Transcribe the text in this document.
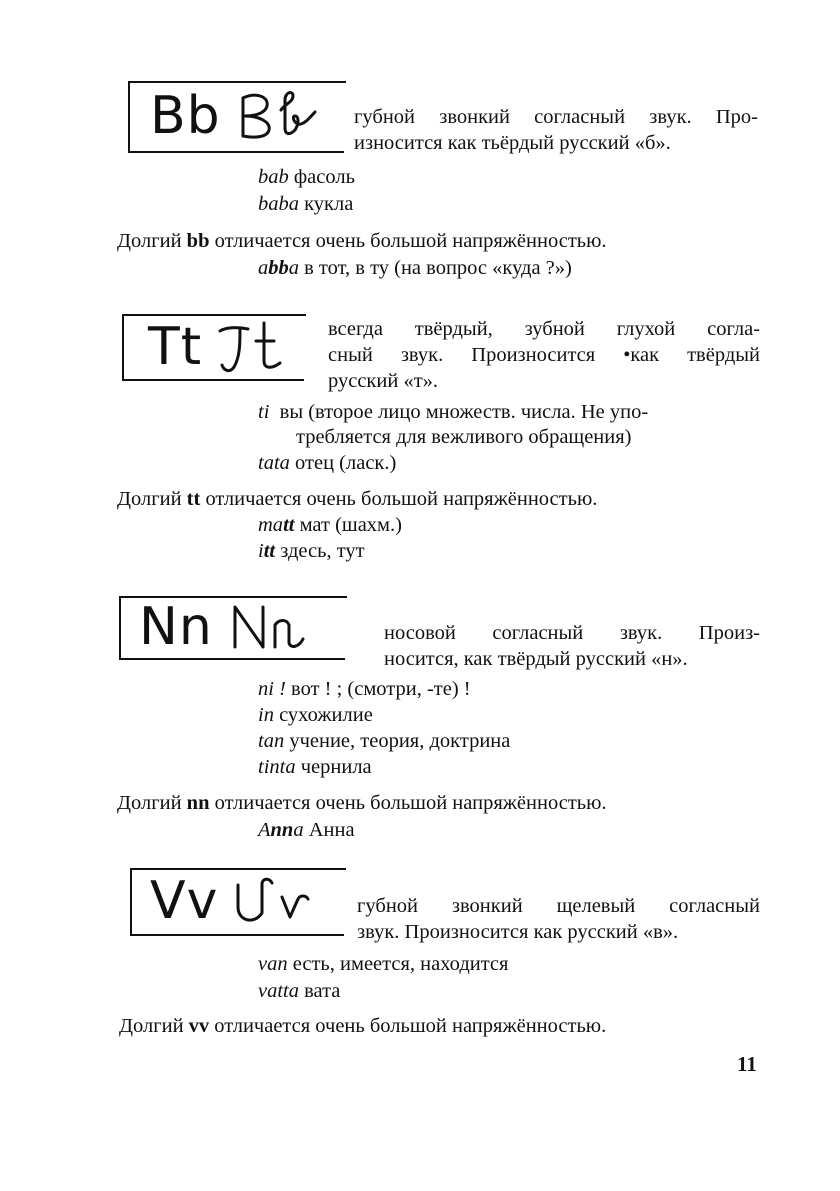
Bb	губной звонкий согласный звук. Про-
износится как тьёрдый русский «б».
bab фасоль
baba кукла
Долгий bb отличается очень большой напряжённостью.
abba в тот, в ту (на вопрос «куда ?»)
Tt	всегда твёрдый, зубной глухой согла-
сный звук. Произносится •как твёрдый
русский «т».
ti вы (второе лицо множеств. числа. Не упо-
требляется для вежливого обращения)
tata отец (ласк.)
Долгий tt отличается очень большой напряжённостью.
matt мат (шахм.)
itt здесь, тут
Nn	носовой согласный звук. Произ-
носится, как твёрдый русский «н».
ni ! вот ! ; (смотри, -те) !
in сухожилие
tan учение, теория, доктрина
tinta чернила
Долгий nn отличается очень большой напряжённостью.
Anna Анна
Vv	губной звонкий щелевый согласный
звук. Произносится как русский «в».
van есть, имеется, находится
vatta вата
Долгий vv отличается очень большой напряжённостью.
11
